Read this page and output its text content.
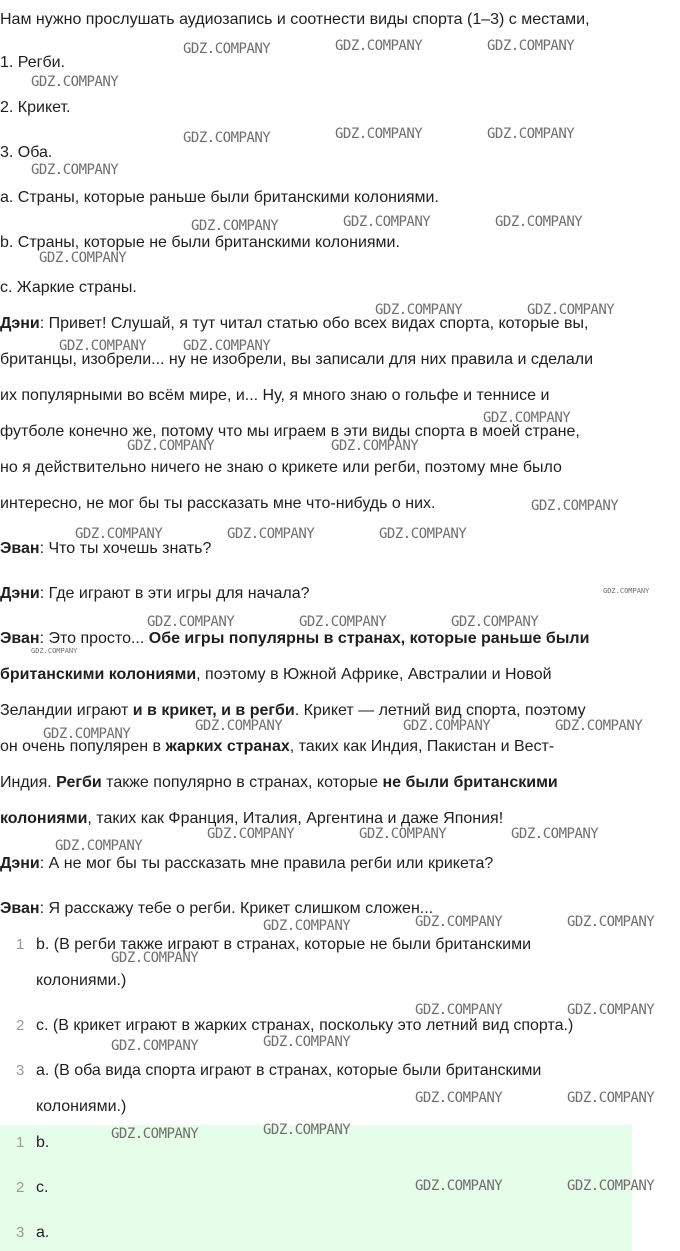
Нам нужно прослушать аудиозапись и соотнести виды спорта (1–3) с местами,
1. Регби.
2. Крикет.
3. Оба.
a. Страны, которые раньше были британскими колониями.
b. Страны, которые не были британскими колониями.
c. Жаркие страны.
Дэни: Привет! Слушай, я тут читал статью обо всех видах спорта, которые вы,
британцы, изобрели... ну не изобрели, вы записали для них правила и сделали
их популярными во всём мире, и... Ну, я много знаю о гольфе и теннисе и
футболе конечно же, потому что мы играем в эти виды спорта в моей стране,
но я действительно ничего не знаю о крикете или регби, поэтому мне было
интересно, не мог бы ты рассказать мне что-нибудь о них.
Эван: Что ты хочешь знать?
Дэни: Где играют в эти игры для начала?
Эван: Это просто... Обе игры популярны в странах, которые раньше были
британскими колониями, поэтому в Южной Африке, Австралии и Новой
Зеландии играют и в крикет, и в регби. Крикет — летний вид спорта, поэтому
он очень популярен в жарких странах, таких как Индия, Пакистан и Вест-
Индия. Регби также популярно в странах, которые не были британскими
колониями, таких как Франция, Италия, Аргентина и даже Япония!
Дэни: А не мог бы ты рассказать мне правила регби или крикета?
Эван: Я расскажу тебе о регби. Крикет слишком сложен...
1 b. (В регби также играют в странах, которые не были британскими
колониями.)
2 c. (В крикет играют в жарких странах, поскольку это летний вид спорта.)
3 a. (В оба вида спорта играют в странах, которые были британскими
колониями.)
1 b.
2 c.
3 a.
GDZ.COMPANY	GDZ.COMPANY	GDZ.COMPANY
GDZ.COMPANY
GDZ.COMPANY	GDZ.COMPANY	GDZ.COMPANY
GDZ.COMPANY
GDZ.COMPANY	GDZ.COMPANY	GDZ.COMPANY
GDZ.COMPANY
GDZ.COMPANY	GDZ.COMPANY
GDZ.COMPANY	GDZ.COMPANY
GDZ.COMPANY
GDZ.COMPANY	GDZ.COMPANY
GDZ.COMPANY
GDZ.COMPANY	GDZ.COMPANY	GDZ.COMPANY
GDZ.COMPANY	GDZ.COMPANY	GDZ.COMPANY
GDZ.COMPANY	GDZ.COMPANY	GDZ.COMPANY	GDZ.COMPANY
GDZ.COMPANY	GDZ.COMPANY	GDZ.COMPANY
GDZ.COMPANY
GDZ.COMPANY	GDZ.COMPANY	GDZ.COMPANY
GDZ.COMPANY
GDZ.COMPANY	GDZ.COMPANY
GDZ.COMPANY	GDZ.COMPANY
GDZ.COMPANY	GDZ.COMPANY
GDZ.COMPANY	GDZ.COMPANY
GDZ.COMPANY	GDZ.COMPANY
GDZ.COMPANY
GDZ.COMPANY
